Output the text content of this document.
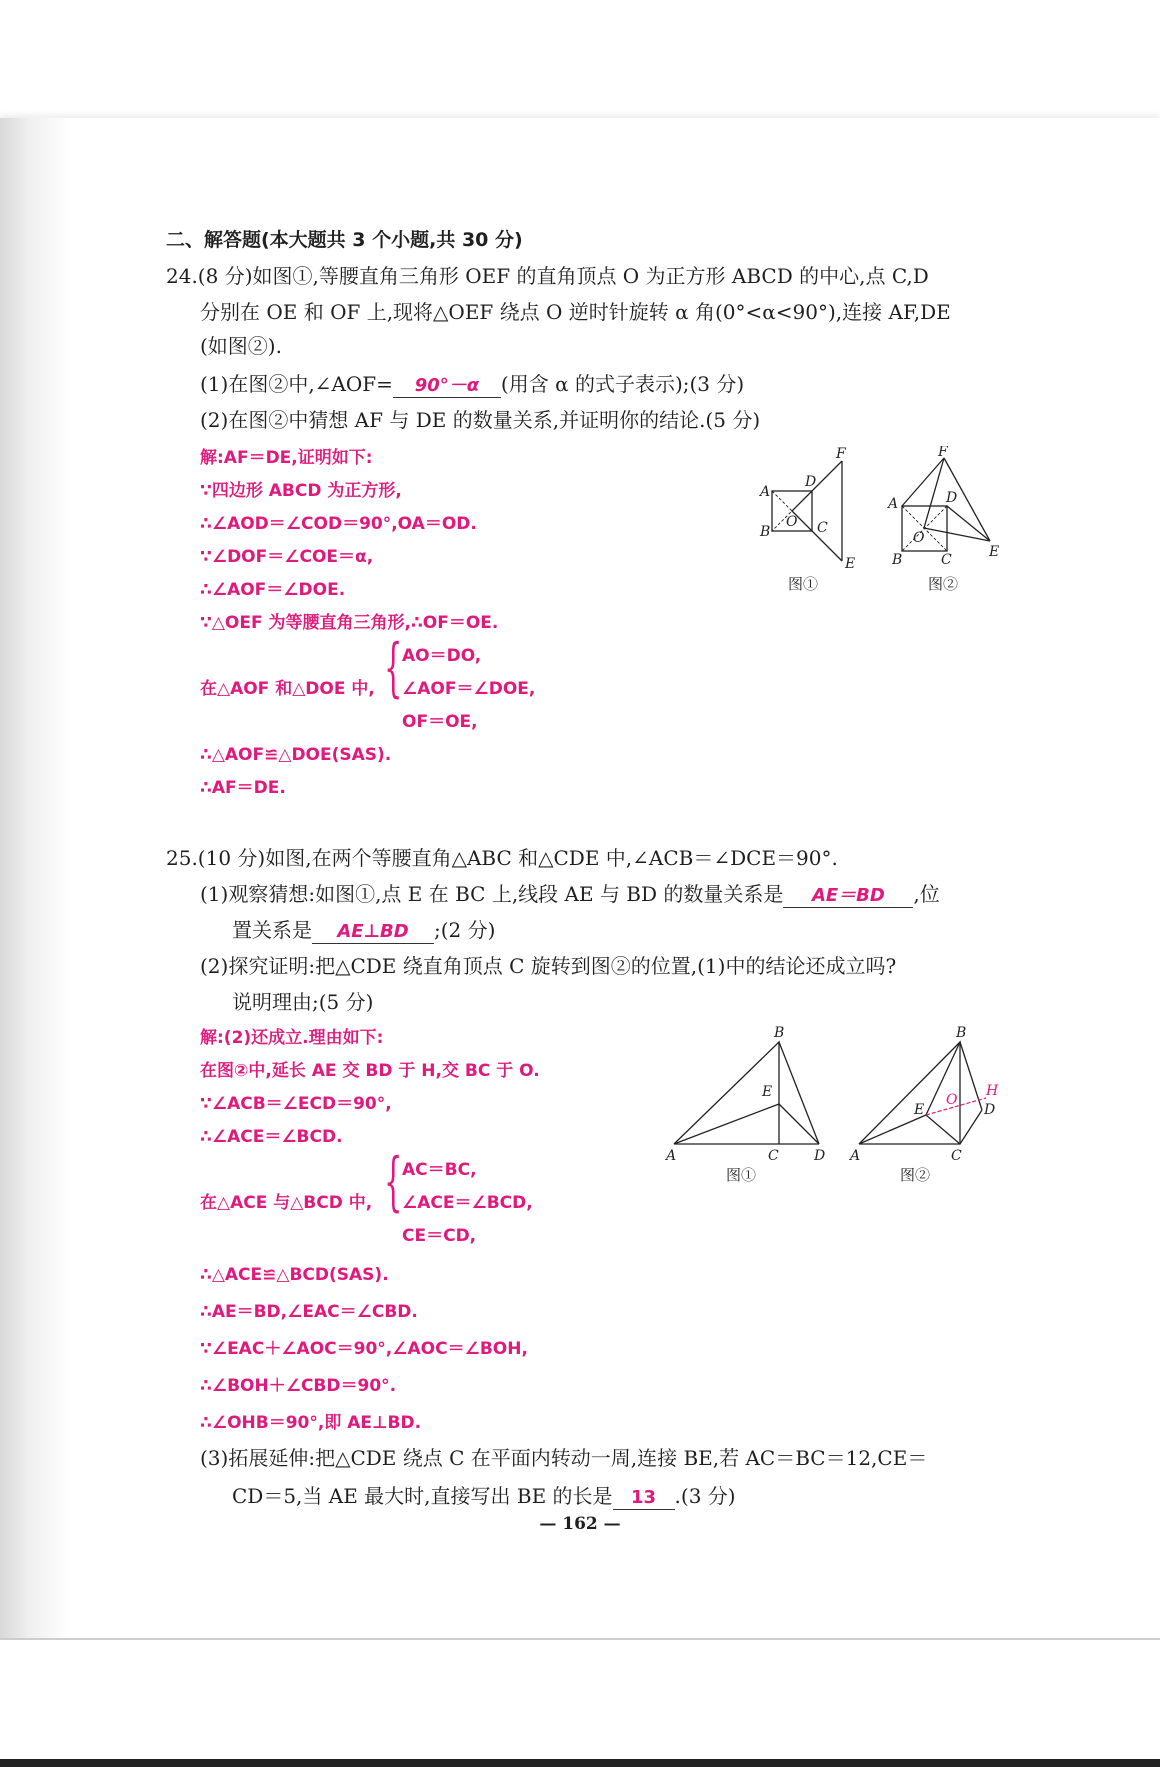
二、解答题(本大题共 3 个小题,共 30 分)
24.(8 分)如图①,等腰直角三角形 OEF 的直角顶点 O 为正方形 ABCD 的中心,点 C,D
分别在 OE 和 OF 上,现将△OEF 绕点 O 逆时针旋转 α 角(0°<α<90°),连接 AF,DE
(如图②).
(1)在图②中,∠AOF= 90°－α (用含 α 的式子表示);(3 分)
(2)在图②中猜想 AF 与 DE 的数量关系,并证明你的结论.(5 分)
解:AF＝DE,证明如下:
∵四边形 ABCD 为正方形,
∴∠AOD＝∠COD＝90°,OA＝OD.
∵∠DOF＝∠COE＝α,
∴∠AOF＝∠DOE.
∵△OEF 为等腰直角三角形,∴OF＝OE.
在△AOF 和△DOE 中, { AO＝DO,
∠AOF＝∠DOE,
OF＝OE,
∴△AOF≌△DOE(SAS).
∴AF＝DE.
A
B	C
D
E
F
O
图①
A
B	C
D
E
F
O
图②
25.(10 分)如图,在两个等腰直角△ABC 和△CDE 中,∠ACB＝∠DCE＝90°.
(1)观察猜想:如图①,点 E 在 BC 上,线段 AE 与 BD 的数量关系是 AE＝BD ,位
置关系是 AE⊥BD ;(2 分)
(2)探究证明:把△CDE 绕直角顶点 C 旋转到图②的位置,(1)中的结论还成立吗?
说明理由;(5 分)
解:(2)还成立.理由如下:
在图②中,延长 AE 交 BD 于 H,交 BC 于 O.
∵∠ACB＝∠ECD＝90°,
∴∠ACE＝∠BCD.
在△ACE 与△BCD 中, { AC＝BC,
∠ACE＝∠BCD,
CE＝CD,
∴△ACE≌△BCD(SAS).
∴AE＝BD,∠EAC＝∠CBD.
∵∠EAC＋∠AOC＝90°,∠AOC＝∠BOH,
∴∠BOH＋∠CBD＝90°.
∴∠OHB＝90°,即 AE⊥BD.
(3)拓展延伸:把△CDE 绕点 C 在平面内转动一周,连接 BE,若 AC＝BC＝12,CE＝
CD＝5,当 AE 最大时,直接写出 BE 的长是 13 .(3 分)
A
B
C	D
E
图①
A
B
C
D
E
H
O
图②
— 162 —
